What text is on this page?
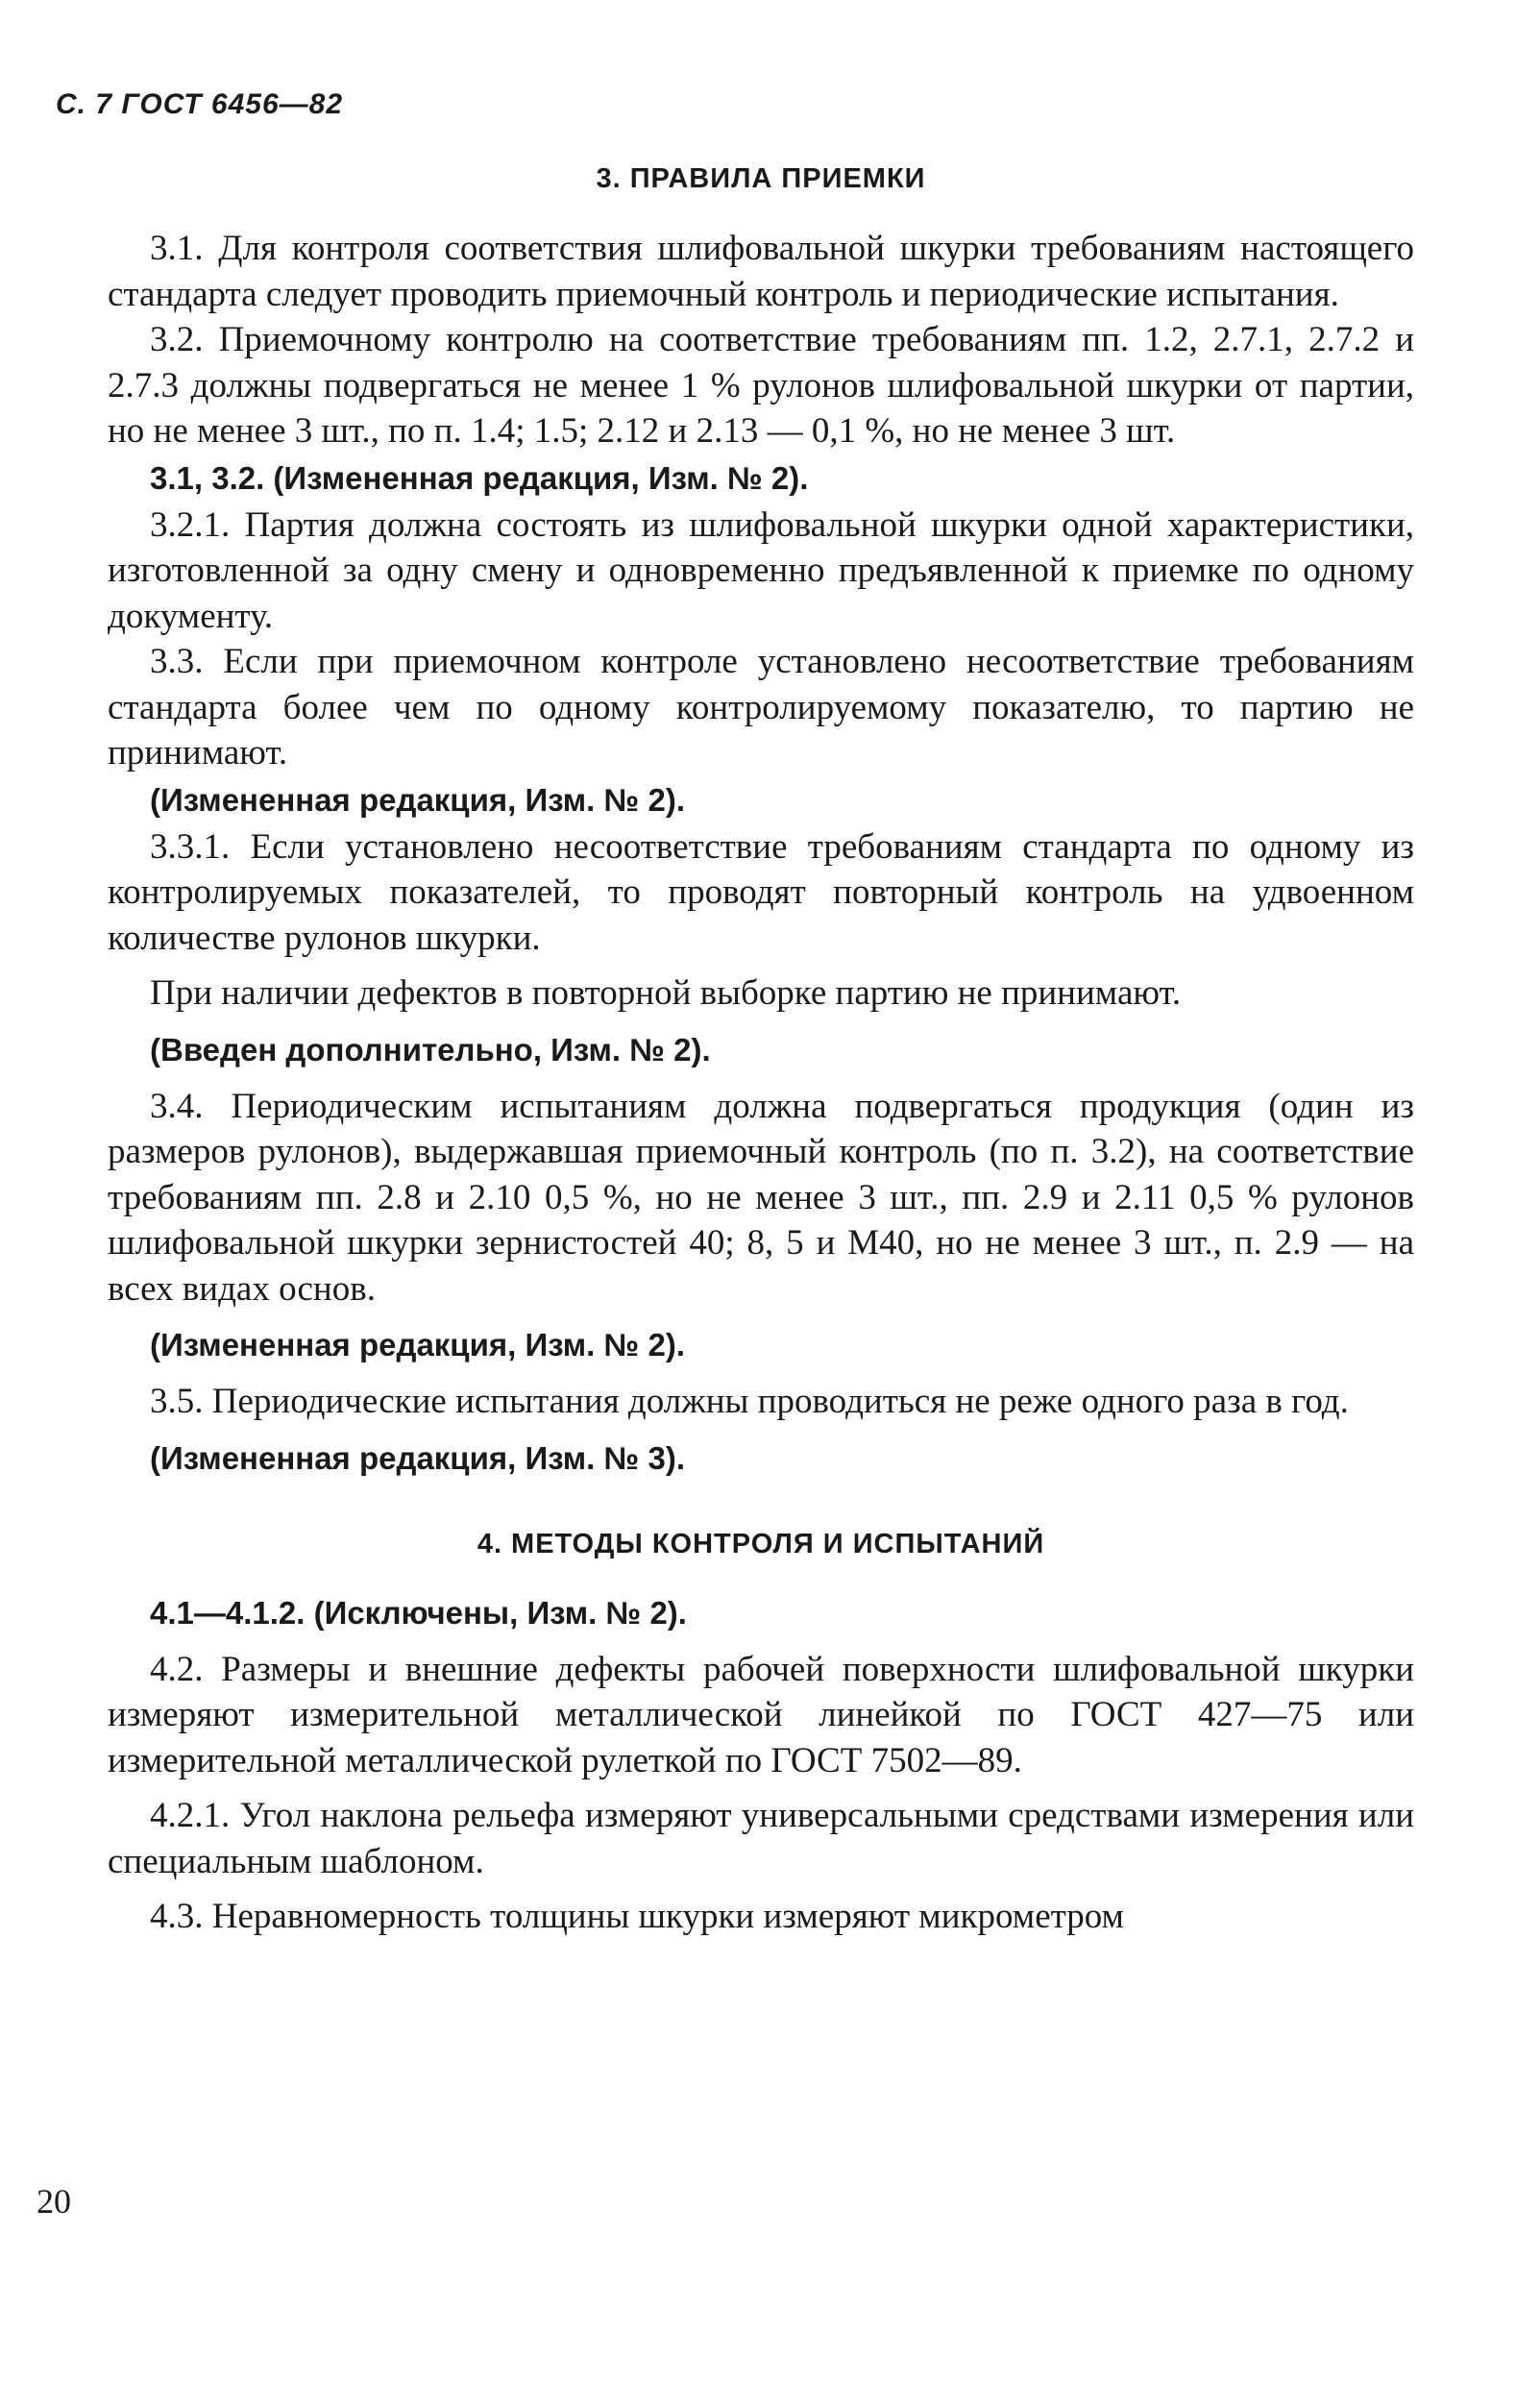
С. 7 ГОСТ 6456—82
3. ПРАВИЛА ПРИЕМКИ

3.1. Для контроля соответствия шлифовальной шкурки требованиям настоящего стандарта следует проводить приемочный контроль и периодические испытания.

3.2. Приемочному контролю на соответствие требованиям пп. 1.2, 2.7.1, 2.7.2 и 2.7.3 должны подвергаться не менее 1 % рулонов шлифовальной шкурки от партии, но не менее 3 шт., по п. 1.4; 1.5; 2.12 и 2.13 — 0,1 %, но не менее 3 шт.

3.1, 3.2. (Измененная редакция, Изм. № 2).

3.2.1. Партия должна состоять из шлифовальной шкурки одной характеристики, изготовленной за одну смену и одновременно предъявленной к приемке по одному документу.

3.3. Если при приемочном контроле установлено несоответствие требованиям стандарта более чем по одному контролируемому показателю, то партию не принимают.

(Измененная редакция, Изм. № 2).

3.3.1. Если установлено несоответствие требованиям стандарта по одному из контролируемых показателей, то проводят повторный контроль на удвоенном количестве рулонов шкурки.

При наличии дефектов в повторной выборке партию не принимают.

(Введен дополнительно, Изм. № 2).

3.4. Периодическим испытаниям должна подвергаться продукция (один из размеров рулонов), выдержавшая приемочный контроль (по п. 3.2), на соответствие требованиям пп. 2.8 и 2.10 0,5 %, но не менее 3 шт., пп. 2.9 и 2.11 0,5 % рулонов шлифовальной шкурки зернистостей 40; 8, 5 и М40, но не менее 3 шт., п. 2.9 — на всех видах основ.

(Измененная редакция, Изм. № 2).

3.5. Периодические испытания должны проводиться не реже одного раза в год.

(Измененная редакция, Изм. № 3).

4. МЕТОДЫ КОНТРОЛЯ И ИСПЫТАНИЙ

4.1—4.1.2. (Исключены, Изм. № 2).

4.2. Размеры и внешние дефекты рабочей поверхности шлифовальной шкурки измеряют измерительной металлической линейкой по ГОСТ 427—75 или измерительной металлической рулеткой по ГОСТ 7502—89.

4.2.1. Угол наклона рельефа измеряют универсальными средствами измерения или специальным шаблоном.

4.3. Неравномерность толщины шкурки измеряют микрометром

20
